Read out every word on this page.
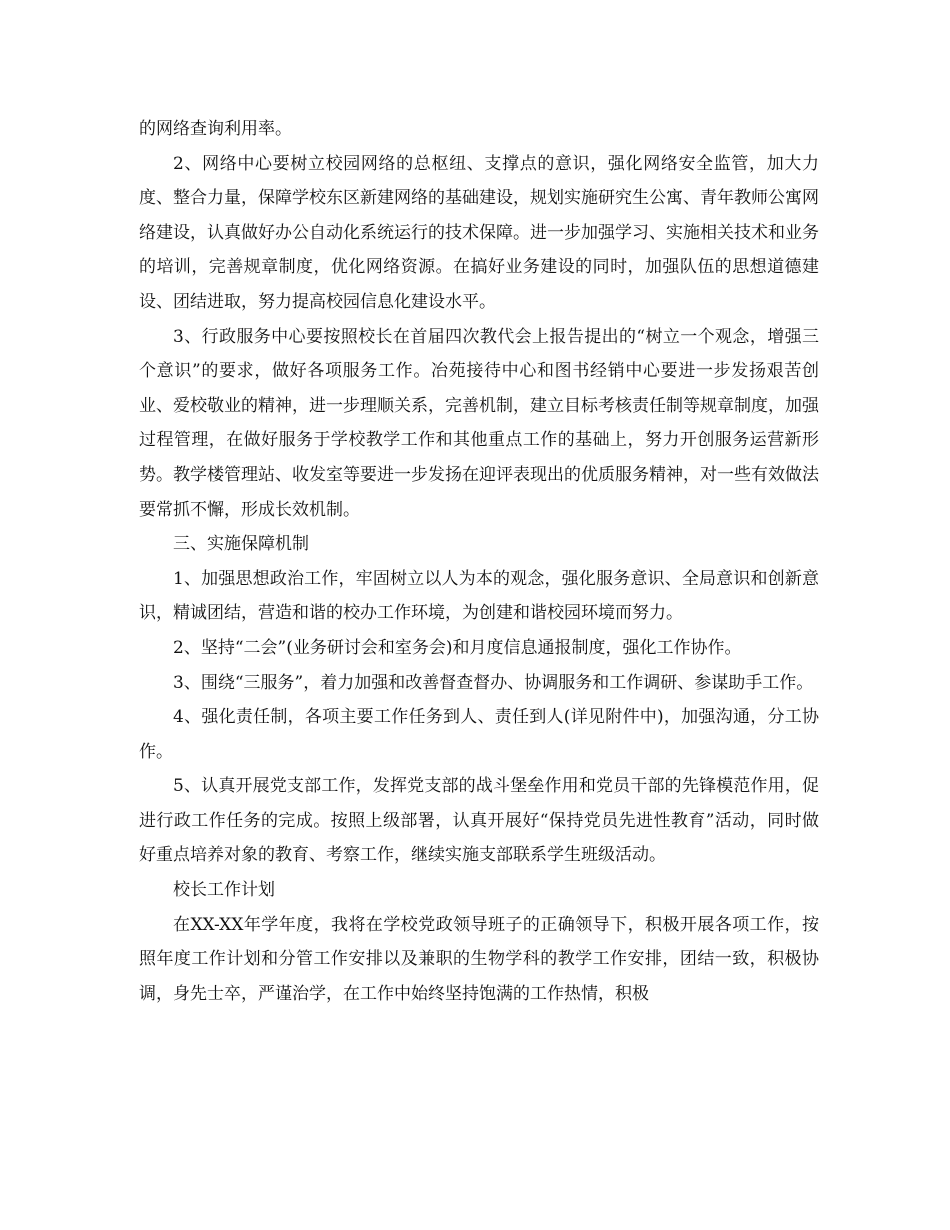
的网络查询利用率。

2、网络中心要树立校园网络的总枢纽、支撑点的意识，强化网络安全监管，加大力度、整合力量，保障学校东区新建网络的基础建设，规划实施研究生公寓、青年教师公寓网络建设，认真做好办公自动化系统运行的技术保障。进一步加强学习、实施相关技术和业务的培训，完善规章制度，优化网络资源。在搞好业务建设的同时，加强队伍的思想道德建设、团结进取，努力提高校园信息化建设水平。

3、行政服务中心要按照校长在首届四次教代会上报告提出的“树立一个观念，增强三个意识”的要求，做好各项服务工作。冶苑接待中心和图书经销中心要进一步发扬艰苦创业、爱校敬业的精神，进一步理顺关系，完善机制，建立目标考核责任制等规章制度，加强过程管理，在做好服务于学校教学工作和其他重点工作的基础上，努力开创服务运营新形势。教学楼管理站、收发室等要进一步发扬在迎评表现出的优质服务精神，对一些有效做法要常抓不懈，形成长效机制。

三、实施保障机制

1、加强思想政治工作，牢固树立以人为本的观念，强化服务意识、全局意识和创新意识，精诚团结，营造和谐的校办工作环境，为创建和谐校园环境而努力。

2、坚持“二会”(业务研讨会和室务会)和月度信息通报制度，强化工作协作。

3、围绕“三服务”，着力加强和改善督查督办、协调服务和工作调研、参谋助手工作。

4、强化责任制，各项主要工作任务到人、责任到人(详见附件中)，加强沟通，分工协作。

5、认真开展党支部工作，发挥党支部的战斗堡垒作用和党员干部的先锋模范作用，促进行政工作任务的完成。按照上级部署，认真开展好“保持党员先进性教育”活动，同时做好重点培养对象的教育、考察工作，继续实施支部联系学生班级活动。

校长工作计划

在XX-XX年学年度，我将在学校党政领导班子的正确领导下，积极开展各项工作，按照年度工作计划和分管工作安排以及兼职的生物学科的教学工作安排，团结一致，积极协调，身先士卒，严谨治学，在工作中始终坚持饱满的工作热情，积极
